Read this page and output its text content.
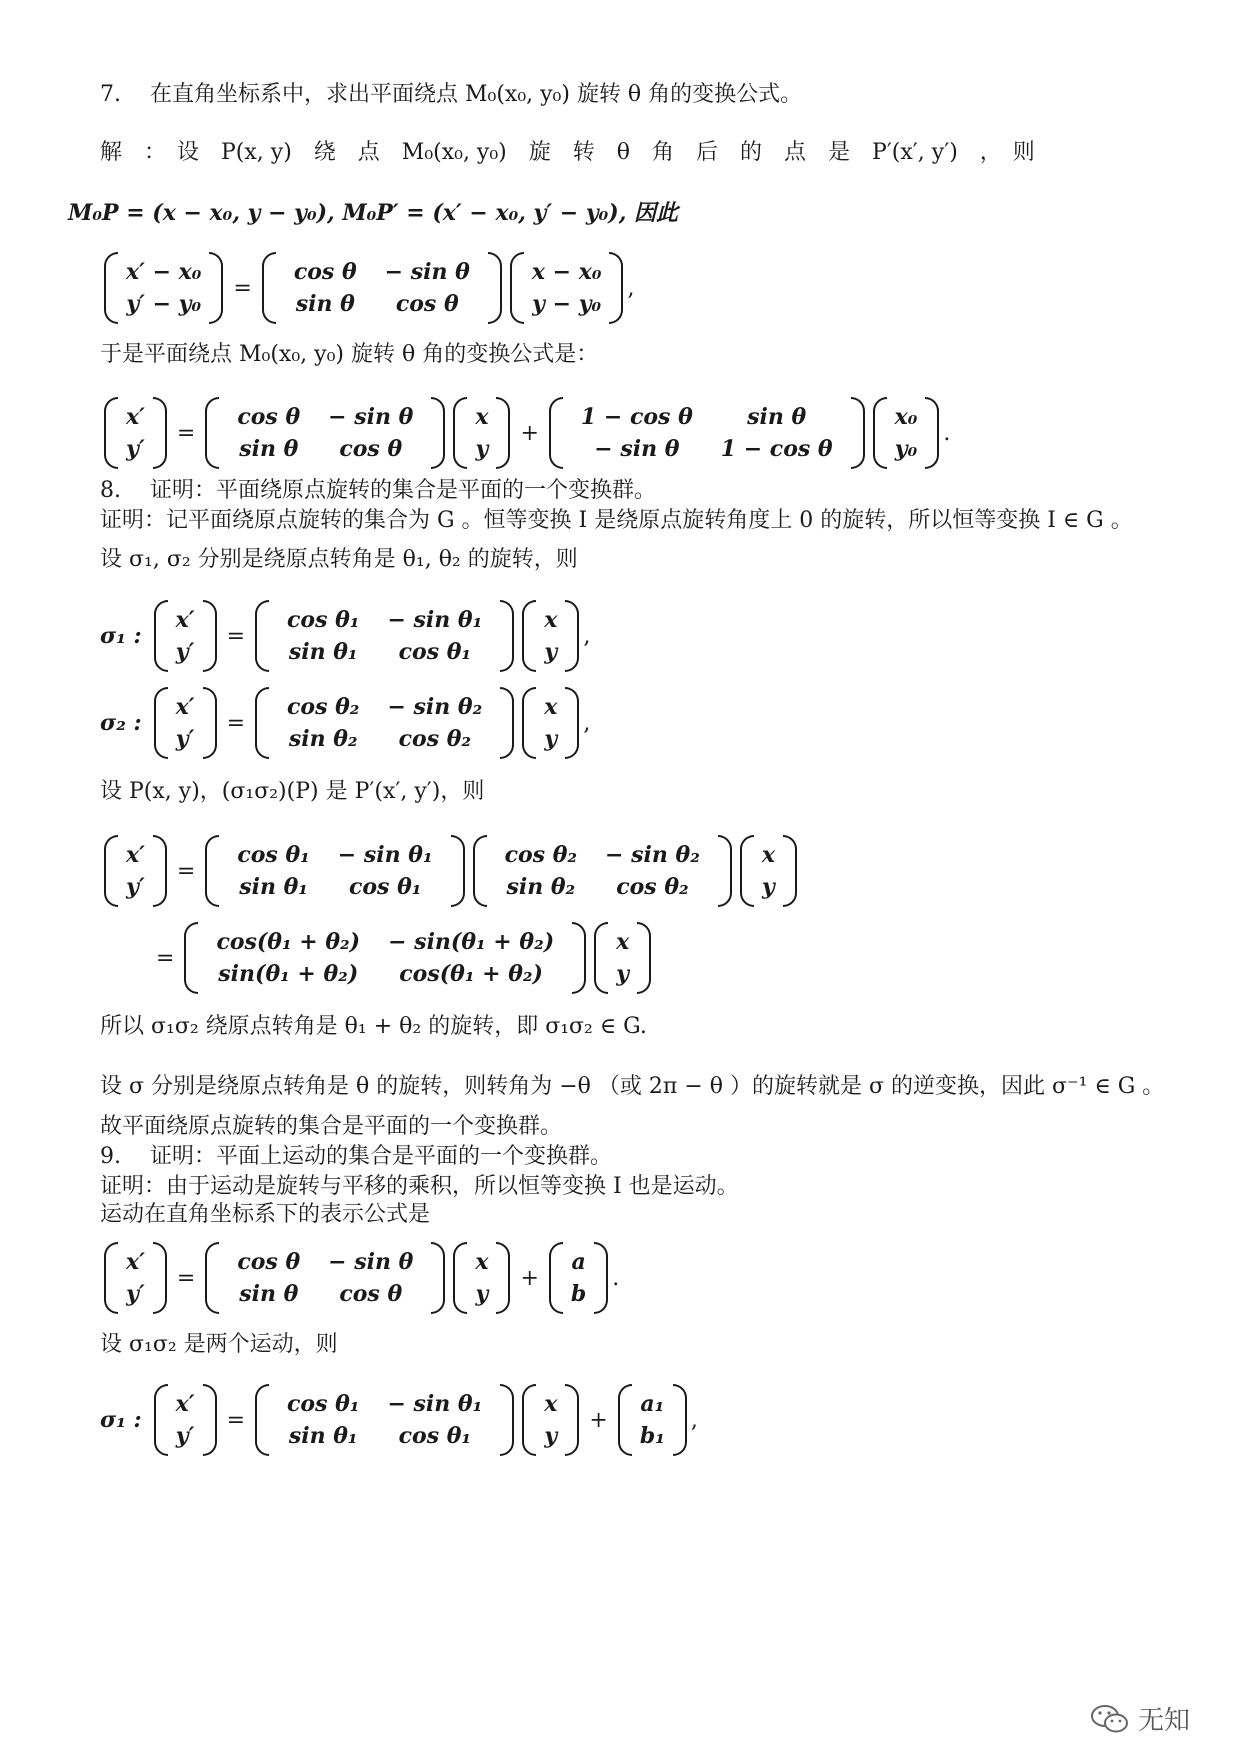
7.　 在直角坐标系中，求出平面绕点 M₀(x₀, y₀) 旋转 θ 角的变换公式。
解　：　设　P(x, y)　绕　点　M₀(x₀, y₀)　旋　转　θ　角　后　的　点　是　P′(x′, y′)　，　则
M₀P = (x − x₀, y − y₀), M₀P′ = (x′ − x₀, y′ − y₀), 因此
x′ − x₀
y′ − y₀
=
cos θ	− sin θ
sin θ	cos θ
x − x₀
y − y₀
,
于是平面绕点 M₀(x₀, y₀) 旋转 θ 角的变换公式是：
x′
y′
=
cos θ	− sin θ
sin θ	cos θ
x
y
+
1 − cos θ	sin θ
− sin θ	1 − cos θ
x₀
y₀
.
8.　 证明：平面绕原点旋转的集合是平面的一个变换群。
证明：记平面绕原点旋转的集合为 G 。恒等变换 I 是绕原点旋转角度上 0 的旋转，所以恒等变换 I ∈ G 。
设 σ₁, σ₂ 分别是绕原点转角是 θ₁, θ₂ 的旋转，则
σ₁ :
x′
y′
=
cos θ₁	− sin θ₁
sin θ₁	cos θ₁
x
y
,
σ₂ :
x′
y′
=
cos θ₂	− sin θ₂
sin θ₂	cos θ₂
x
y
,
设 P(x, y)，(σ₁σ₂)(P) 是 P′(x′, y′)，则
x′
y′
=
cos θ₁	− sin θ₁
sin θ₁	cos θ₁
cos θ₂	− sin θ₂
sin θ₂	cos θ₂
x
y
=
cos(θ₁ + θ₂)	− sin(θ₁ + θ₂)
sin(θ₁ + θ₂)	cos(θ₁ + θ₂)
x
y
所以 σ₁σ₂ 绕原点转角是 θ₁ + θ₂ 的旋转，即 σ₁σ₂ ∈ G.
设 σ 分别是绕原点转角是 θ 的旋转，则转角为 −θ （或 2π − θ ）的旋转就是 σ 的逆变换，因此 σ⁻¹ ∈ G 。
故平面绕原点旋转的集合是平面的一个变换群。
9.　 证明：平面上运动的集合是平面的一个变换群。
证明：由于运动是旋转与平移的乘积，所以恒等变换 I 也是运动。
运动在直角坐标系下的表示公式是
x′
y′
=
cos θ	− sin θ
sin θ	cos θ
x
y
+
a
b
.
设 σ₁σ₂ 是两个运动，则
σ₁ :
x′
y′
=
cos θ₁	− sin θ₁
sin θ₁	cos θ₁
x
y
+
a₁
b₁
,
无知
